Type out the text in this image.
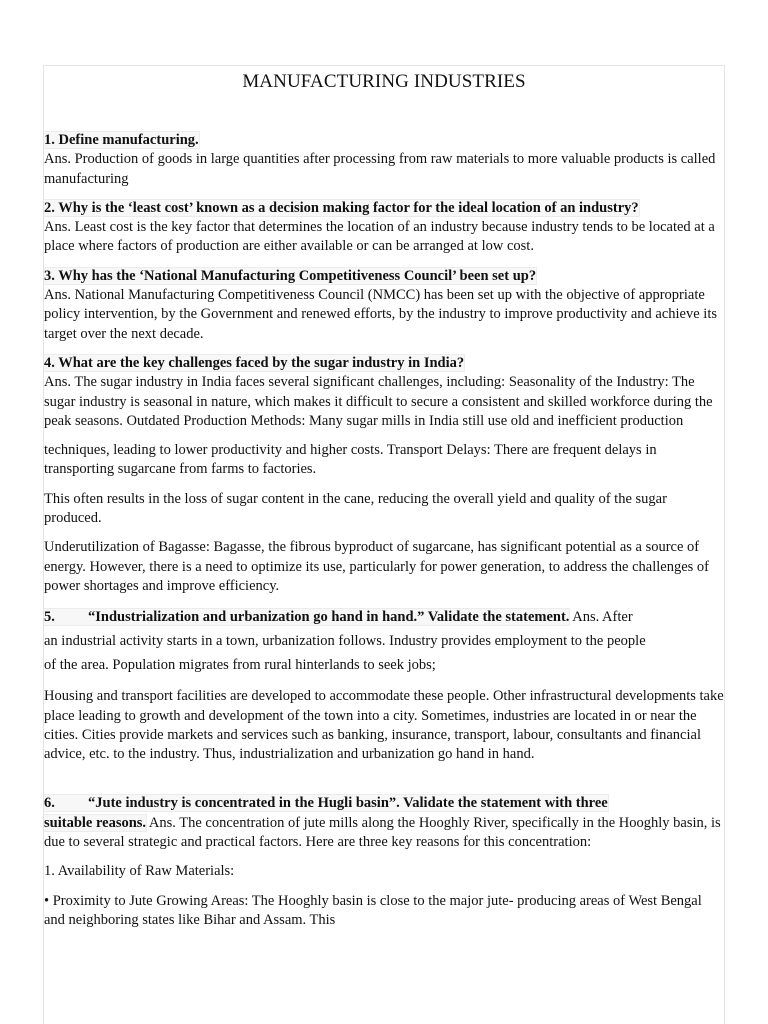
MANUFACTURING INDUSTRIES
1. Define manufacturing.
Ans. Production of goods in large quantities after processing from raw materials to more valuable products is called manufacturing
2. Why is the ‘least cost’ known as a decision making factor for the ideal location of an industry?
Ans. Least cost is the key factor that determines the location of an industry because industry tends to be located at a place where factors of production are either available or can be arranged at low cost.
3. Why has the ‘National Manufacturing Competitiveness Council’ been set up?
Ans. National Manufacturing Competitiveness Council (NMCC) has been set up with the objective of appropriate policy intervention, by the Government and renewed efforts, by the industry to improve productivity and achieve its target over the next decade.
4. What are the key challenges faced by the sugar industry in India?
Ans. The sugar industry in India faces several significant challenges, including: Seasonality of the Industry: The sugar industry is seasonal in nature, which makes it difficult to secure a consistent and skilled workforce during the peak seasons. Outdated Production Methods: Many sugar mills in India still use old and inefficient production
techniques, leading to lower productivity and higher costs. Transport Delays: There are frequent delays in transporting sugarcane from farms to factories.
This often results in the loss of sugar content in the cane, reducing the overall yield and quality of the sugar produced.
Underutilization of Bagasse: Bagasse, the fibrous byproduct of sugarcane, has significant potential as a source of energy. However, there is a need to optimize its use, particularly for power generation, to address the challenges of power shortages and improve efficiency.
5. “Industrialization and urbanization go hand in hand.” Validate the statement. Ans. After
an industrial activity starts in a town, urbanization follows. Industry provides employment to the people
of the area. Population migrates from rural hinterlands to seek jobs;
Housing and transport facilities are developed to accommodate these people. Other infrastructural developments take place leading to growth and development of the town into a city. Sometimes, industries are located in or near the cities. Cities provide markets and services such as banking, insurance, transport, labour, consultants and financial advice, etc. to the industry. Thus, industrialization and urbanization go hand in hand.
6. “Jute industry is concentrated in the Hugli basin”. Validate the statement with three
suitable reasons. Ans. The concentration of jute mills along the Hooghly River, specifically in the Hooghly basin, is due to several strategic and practical factors. Here are three key reasons for this concentration:
1. Availability of Raw Materials:
• Proximity to Jute Growing Areas: The Hooghly basin is close to the major jute- producing areas of West Bengal and neighboring states like Bihar and Assam. This
